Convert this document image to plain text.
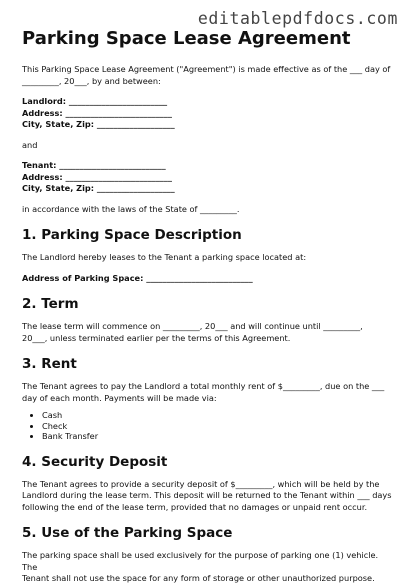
editablepdfdocs.com
Parking Space Lease Agreement

This Parking Space Lease Agreement ("Agreement") is made effective as of the ___ day of

_________, 20___, by and between:

Landlord: ________________________

Address: __________________________

City, State, Zip: ___________________

and

Tenant: __________________________

Address: __________________________

City, State, Zip: ___________________

in accordance with the laws of the State of _________.

1. Parking Space Description

The Landlord hereby leases to the Tenant a parking space located at:

Address of Parking Space: __________________________

2. Term

The lease term will commence on _________, 20___ and will continue until _________,

20___, unless terminated earlier per the terms of this Agreement.

3. Rent

The Tenant agrees to pay the Landlord a total monthly rent of $_________, due on the ___

day of each month. Payments will be made via:

• Cash
• Check
• Bank Transfer
4. Security Deposit

The Tenant agrees to provide a security deposit of $_________, which will be held by the

Landlord during the lease term. This deposit will be returned to the Tenant within ___ days

following the end of the lease term, provided that no damages or unpaid rent occur.

5. Use of the Parking Space

The parking space shall be used exclusively for the purpose of parking one (1) vehicle. The

Tenant shall not use the space for any form of storage or other unauthorized purpose.
